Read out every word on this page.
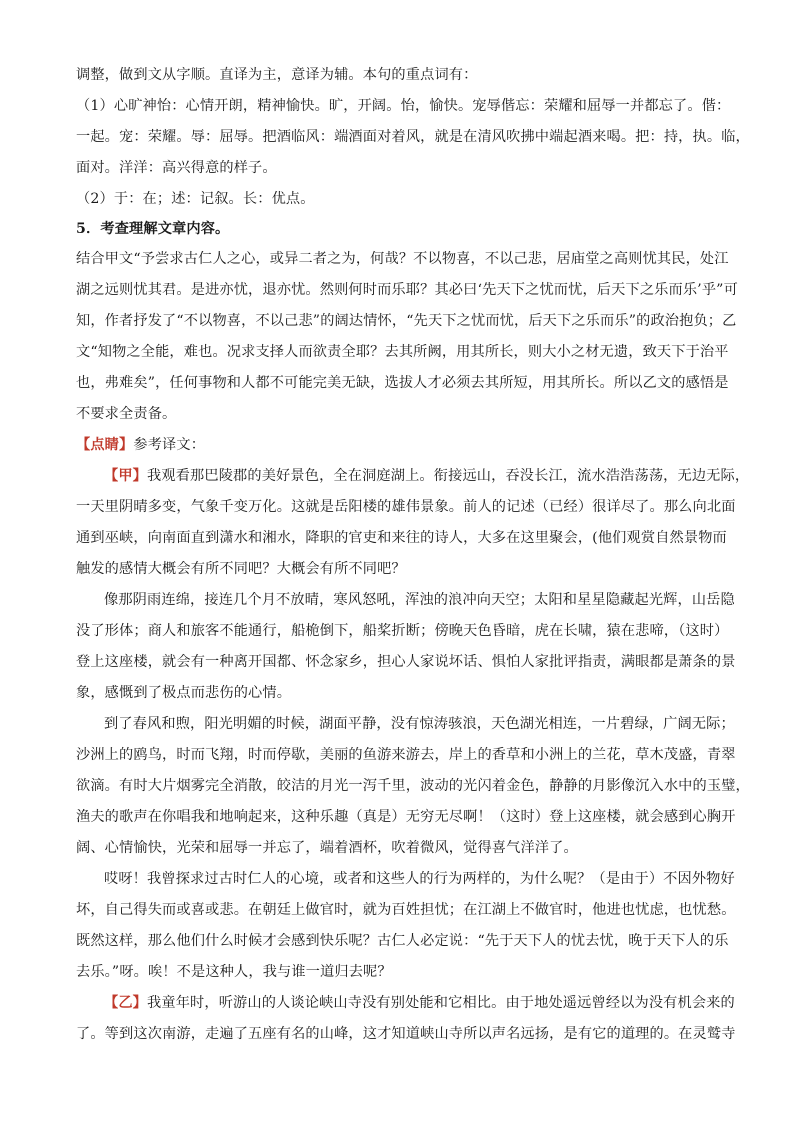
调整，做到文从字顺。直译为主，意译为辅。本句的重点词有：
（1）心旷神怡：心情开朗，精神愉快。旷，开阔。怡，愉快。宠辱偕忘：荣耀和屈辱一并都忘了。偕：
一起。宠：荣耀。辱：屈辱。把酒临风：端酒面对着风，就是在清风吹拂中端起酒来喝。把：持，执。临，
面对。洋洋：高兴得意的样子。
（2）于：在；述：记叙。长：优点。
5．考查理解文章内容。
结合甲文“予尝求古仁人之心，或异二者之为，何哉？不以物喜，不以己悲，居庙堂之高则忧其民，处江
湖之远则忧其君。是进亦忧，退亦忧。然则何时而乐耶？其必曰‘先天下之忧而忧，后天下之乐而乐’乎”可
知，作者抒发了“不以物喜，不以己悲”的阔达情怀，“先天下之忧而忧，后天下之乐而乐”的政治抱负；乙
文“知物之全能，难也。况求支择人而欲责全耶？去其所阙，用其所长，则大小之材无遗，致天下于治平
也，弗难矣”，任何事物和人都不可能完美无缺，选拔人才必须去其所短，用其所长。所以乙文的感悟是
不要求全责备。
【点睛】参考译文：
【甲】我观看那巴陵郡的美好景色，全在洞庭湖上。衔接远山，吞没长江，流水浩浩荡荡，无边无际，
一天里阴晴多变，气象千变万化。这就是岳阳楼的雄伟景象。前人的记述（已经）很详尽了。那么向北面
通到巫峡，向南面直到潇水和湘水，降职的官吏和来往的诗人，大多在这里聚会，(他们观赏自然景物而
触发的感情大概会有所不同吧？大概会有所不同吧？
像那阴雨连绵，接连几个月不放晴，寒风怒吼，浑浊的浪冲向天空；太阳和星星隐藏起光辉，山岳隐
没了形体；商人和旅客不能通行，船桅倒下，船桨折断；傍晚天色昏暗，虎在长啸，猿在悲啼，（这时）
登上这座楼，就会有一种离开国都、怀念家乡，担心人家说坏话、惧怕人家批评指责，满眼都是萧条的景
象，感慨到了极点而悲伤的心情。
到了春风和煦，阳光明媚的时候，湖面平静，没有惊涛骇浪，天色湖光相连，一片碧绿，广阔无际；
沙洲上的鸥鸟，时而飞翔，时而停歇，美丽的鱼游来游去，岸上的香草和小洲上的兰花，草木茂盛，青翠
欲滴。有时大片烟雾完全消散，皎洁的月光一泻千里，波动的光闪着金色，静静的月影像沉入水中的玉璧，
渔夫的歌声在你唱我和地响起来，这种乐趣（真是）无穷无尽啊！（这时）登上这座楼，就会感到心胸开
阔、心情愉快，光荣和屈辱一并忘了，端着酒杯，吹着微风，觉得喜气洋洋了。
哎呀！我曾探求过古时仁人的心境，或者和这些人的行为两样的，为什么呢？（是由于）不因外物好
坏，自己得失而或喜或悲。在朝廷上做官时，就为百姓担忧；在江湖上不做官时，他进也忧虑，也忧愁。
既然这样，那么他们什么时候才会感到快乐呢？古仁人必定说：“先于天下人的忧去忧，晚于天下人的乐
去乐。”呀。唉！不是这种人，我与谁一道归去呢？
【乙】我童年时，听游山的人谈论峡山寺没有别处能和它相比。由于地处遥远曾经以为没有机会来的
了。等到这次南游，走遍了五座有名的山峰，这才知道峡山寺所以声名远扬，是有它的道理的。在灵鹫寺
